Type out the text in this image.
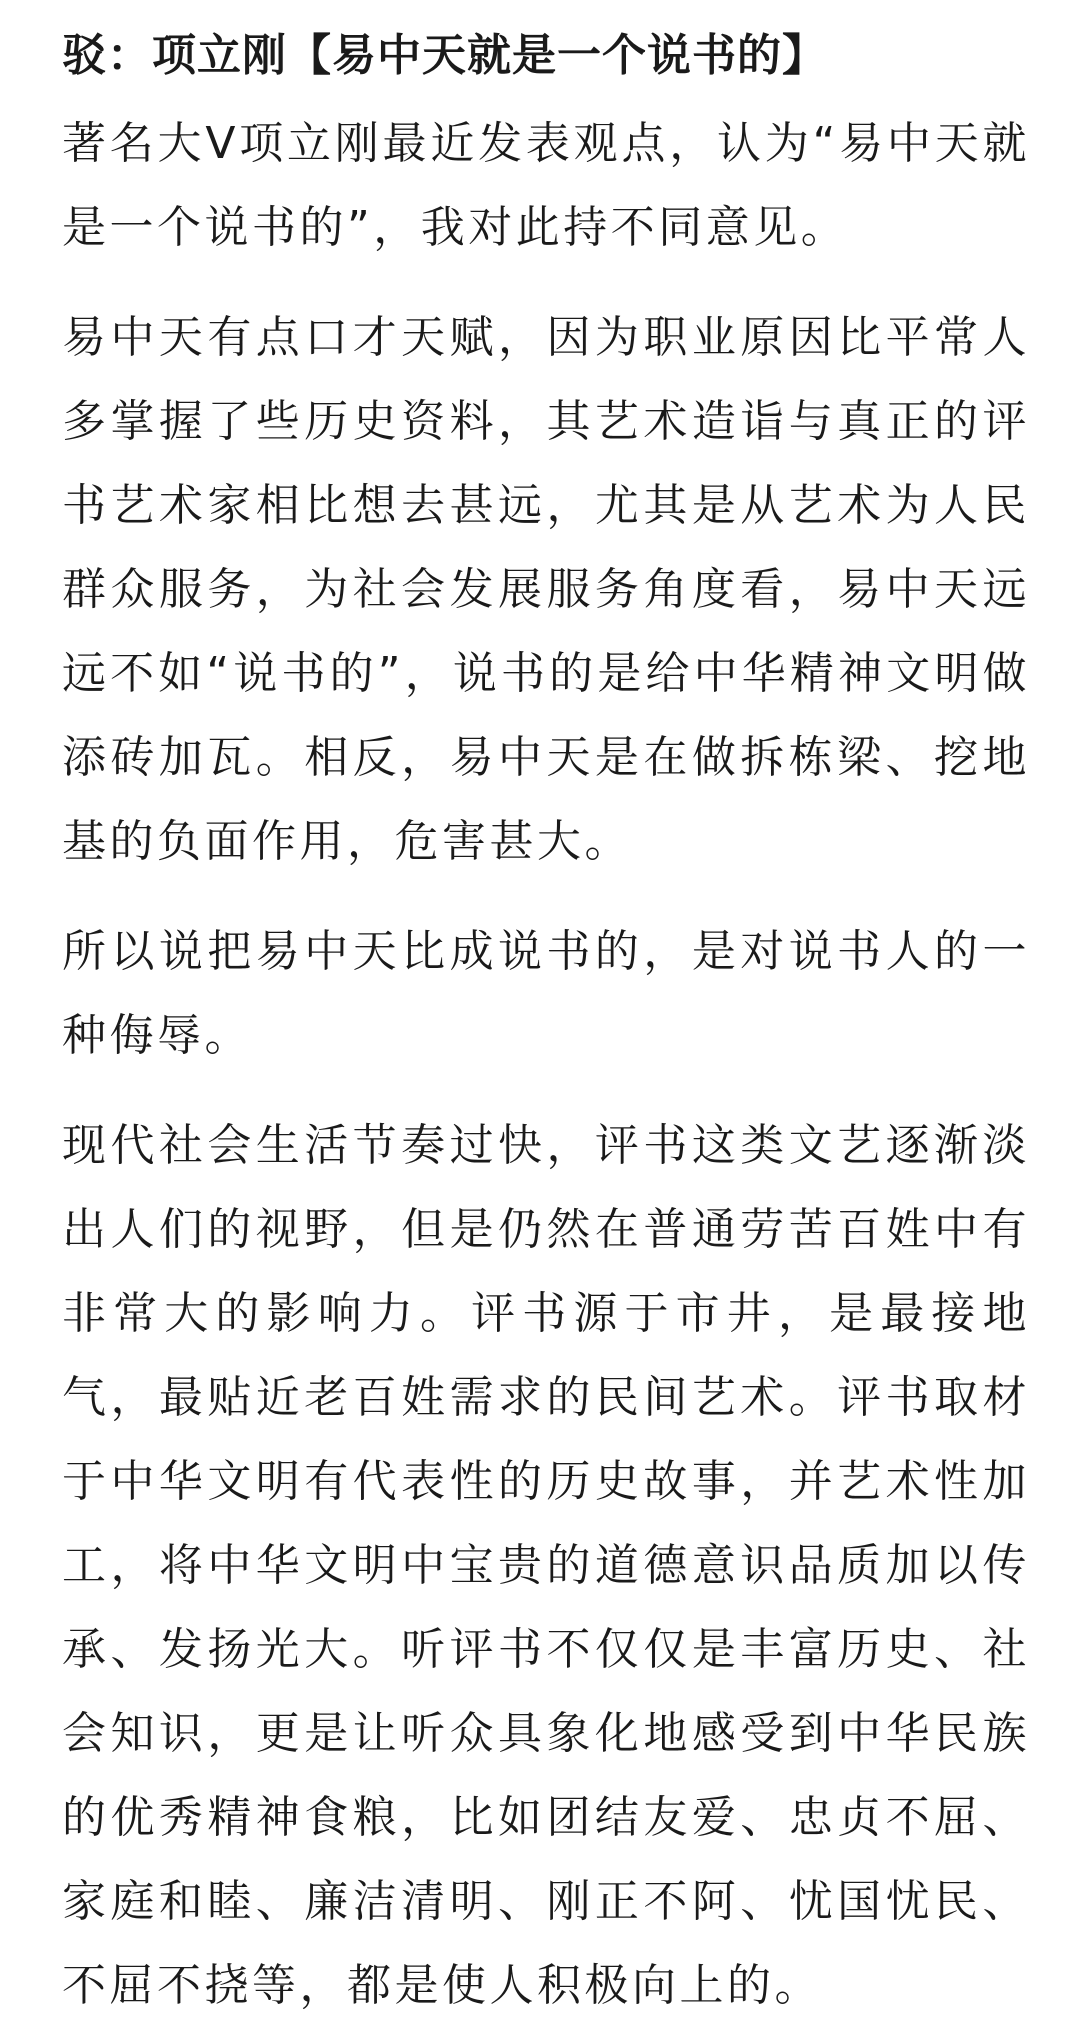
驳：项立刚【易中天就是一个说书的】

著名大V项立刚最近发表观点，认为“易中天就是一个说书的”，我对此持不同意见。

易中天有点口才天赋，因为职业原因比平常人多掌握了些历史资料，其艺术造诣与真正的评书艺术家相比想去甚远，尤其是从艺术为人民群众服务，为社会发展服务角度看，易中天远远不如“说书的”，说书的是给中华精神文明做添砖加瓦。相反，易中天是在做拆栋梁、挖地基的负面作用，危害甚大。

所以说把易中天比成说书的，是对说书人的一种侮辱。

现代社会生活节奏过快，评书这类文艺逐渐淡出人们的视野，但是仍然在普通劳苦百姓中有非常大的影响力。评书源于市井，是最接地气，最贴近老百姓需求的民间艺术。评书取材于中华文明有代表性的历史故事，并艺术性加工，将中华文明中宝贵的道德意识品质加以传承、发扬光大。听评书不仅仅是丰富历史、社会知识，更是让听众具象化地感受到中华民族的优秀精神食粮，比如团结友爱、忠贞不屈、家庭和睦、廉洁清明、刚正不阿、忧国忧民、不屈不挠等，都是使人积极向上的。
